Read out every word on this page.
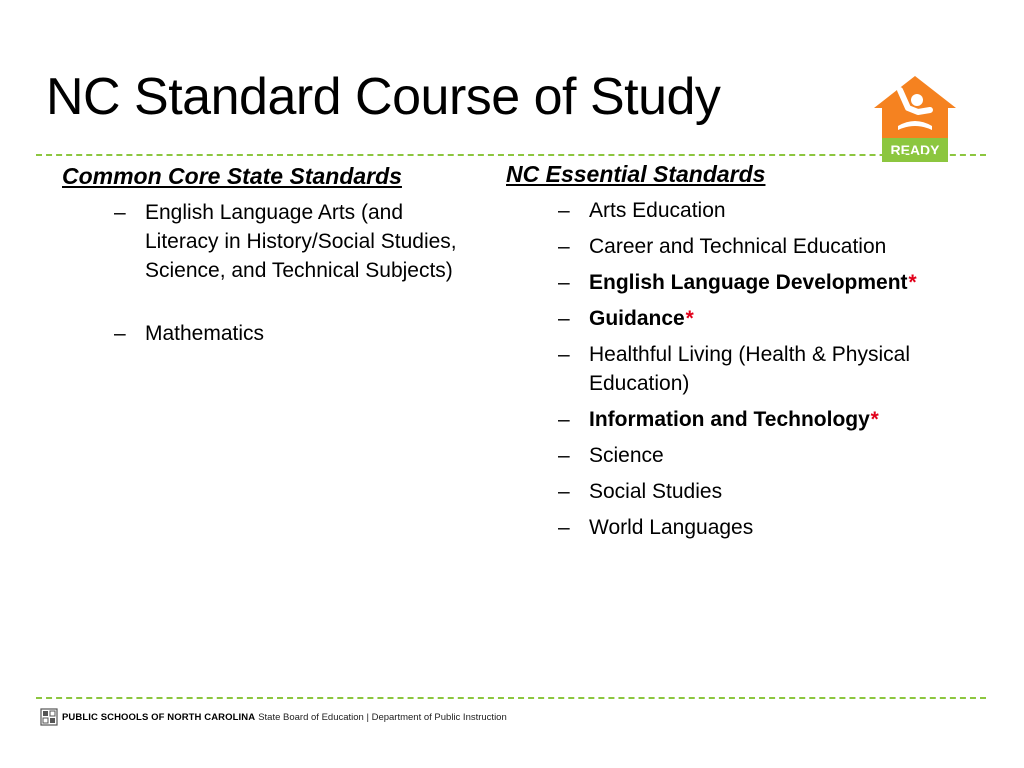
NC Standard Course of Study
READY
Common Core State Standards
– English Language Arts (and Literacy in History/Social Studies, Science, and Technical Subjects)
– Mathematics
NC Essential Standards
– Arts Education
– Career and Technical Education
– English Language Development*
– Guidance*
– Healthful Living (Health & Physical Education)
– Information and Technology*
– Science
– Social Studies
– World Languages
PUBLIC SCHOOLS OF NORTH CAROLINA State Board of Education | Department of Public Instruction
